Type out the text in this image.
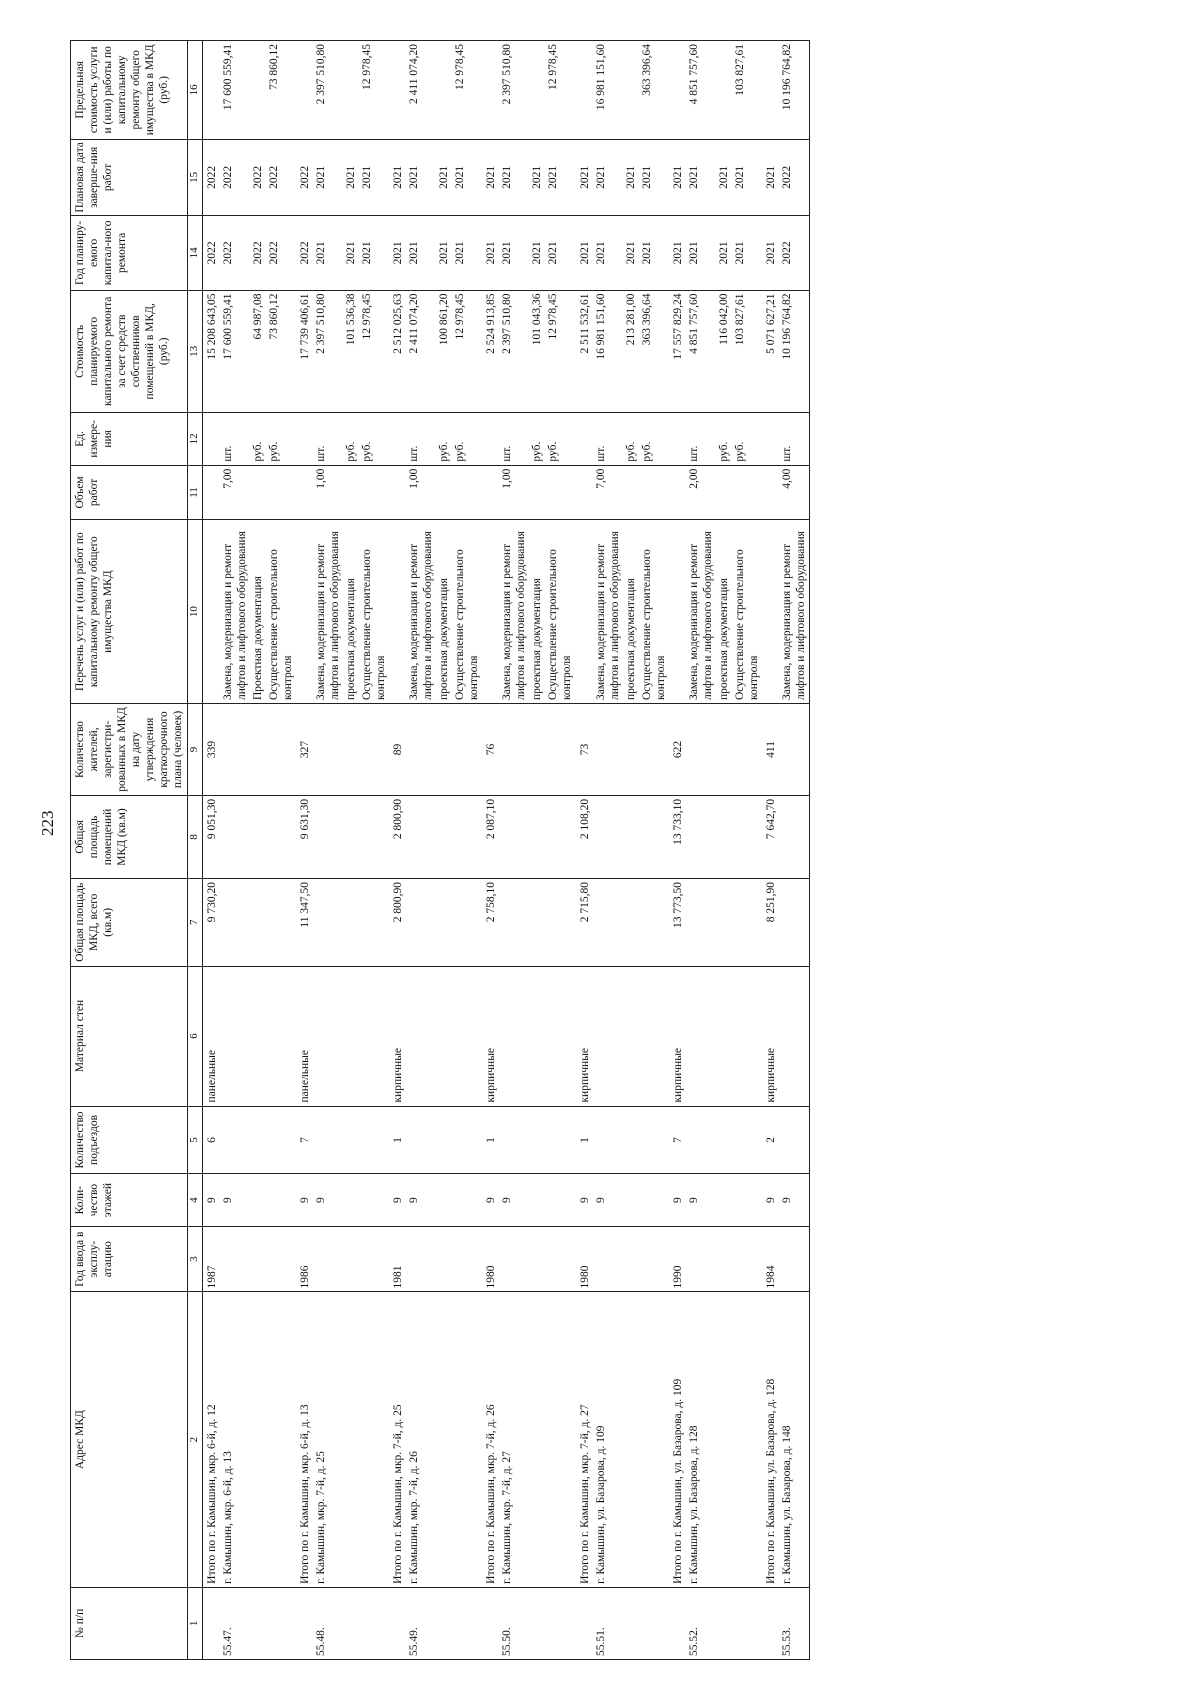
223
№ п/п	Адрес МКД	Год ввода в эксплу-атацию	Коли-чество этажей	Количество подъездов	Материал стен	Общая площадь МКД, всего (кв.м)	Общая площадь помещений МКД (кв.м)	Количество жителей, зарегистри-рованных в МКД на дату утверждения краткосрочного плана (человек)	Перечень услуг и (или) работ по капитальному ремонту общего имущества МКД	Объем работ	Ед. измере-ния	Стоимость планируемого капитального ремонта за счет средств собственников помещений в МКД, (руб.)	Год планиру-емого капитал-ного ремонта	Плановая дата заверше-ния работ	Предельная стоимость услуги и (или) работы по капитальному ремонту общего имущества в МКД (руб.)
1	2	3	4	5	6	7	8	9	10	11	12	13	14	15	16
	Итого по г. Камышин, мкр. 6-й, д. 12	1987	9	6	панельные	9 730,20	9 051,30	339				15 208 643,05	2022	2022	
55.47.	г. Камышин, мкр. 6-й, д. 13		9						Замена, модернизация и ремонт лифтов и лифтового оборудования	7,00	шт.	17 600 559,41	2022	2022	17 600 559,41
									Проектная документация		руб.	64 987,08	2022	2022	
									Осуществление строительного контроля		руб.	73 860,12	2022	2022	73 860,12
	Итого по г. Камышин, мкр. 6-й, д. 13	1986	9	7	панельные	11 347,50	9 631,30	327				17 739 406,61	2022	2022	
55.48.	г. Камышин, мкр. 7-й, д. 25		9						Замена, модернизация и ремонт лифтов и лифтового оборудования	1,00	шт.	2 397 510,80	2021	2021	2 397 510,80
									проектная документация		руб.	101 536,38	2021	2021	
									Осуществление строительного контроля		руб.	12 978,45	2021	2021	12 978,45
	Итого по г. Камышин, мкр. 7-й, д. 25	1981	9	1	кирпичные	2 800,90	2 800,90	89				2 512 025,63	2021	2021	
55.49.	г. Камышин, мкр. 7-й, д. 26		9						Замена, модернизация и ремонт лифтов и лифтового оборудования	1,00	шт.	2 411 074,20	2021	2021	2 411 074,20
									проектная документация		руб.	100 861,20	2021	2021	
									Осуществление строительного контроля		руб.	12 978,45	2021	2021	12 978,45
	Итого по г. Камышин, мкр. 7-й, д. 26	1980	9	1	кирпичные	2 758,10	2 087,10	76				2 524 913,85	2021	2021	
55.50.	г. Камышин, мкр. 7-й, д. 27		9						Замена, модернизация и ремонт лифтов и лифтового оборудования	1,00	шт.	2 397 510,80	2021	2021	2 397 510,80
									проектная документация		руб.	101 043,36	2021	2021	
									Осуществление строительного контроля		руб.	12 978,45	2021	2021	12 978,45
	Итого по г. Камышин, мкр. 7-й, д. 27	1980	9	1	кирпичные	2 715,80	2 108,20	73				2 511 532,61	2021	2021	
55.51.	г. Камышин, ул. Базарова, д. 109		9						Замена, модернизация и ремонт лифтов и лифтового оборудования	7,00	шт.	16 981 151,60	2021	2021	16 981 151,60
									проектная документация		руб.	213 281,00	2021	2021	
									Осуществление строительного контроля		руб.	363 396,64	2021	2021	363 396,64
	Итого по г. Камышин, ул. Базарова, д. 109	1990	9	7	кирпичные	13 773,50	13 733,10	622				17 557 829,24	2021	2021	
55.52.	г. Камышин, ул. Базарова, д. 128		9						Замена, модернизация и ремонт лифтов и лифтового оборудования	2,00	шт.	4 851 757,60	2021	2021	4 851 757,60
									проектная документация		руб.	116 042,00	2021	2021	
									Осуществление строительного контроля		руб.	103 827,61	2021	2021	103 827,61
	Итого по г. Камышин, ул. Базарова, д. 128	1984	9	2	кирпичные	8 251,90	7 642,70	411				5 071 627,21	2021	2021	
55.53.	г. Камышин, ул. Базарова, д. 148		9						Замена, модернизация и ремонт лифтов и лифтового оборудования	4,00	шт.	10 196 764,82	2022	2022	10 196 764,82
